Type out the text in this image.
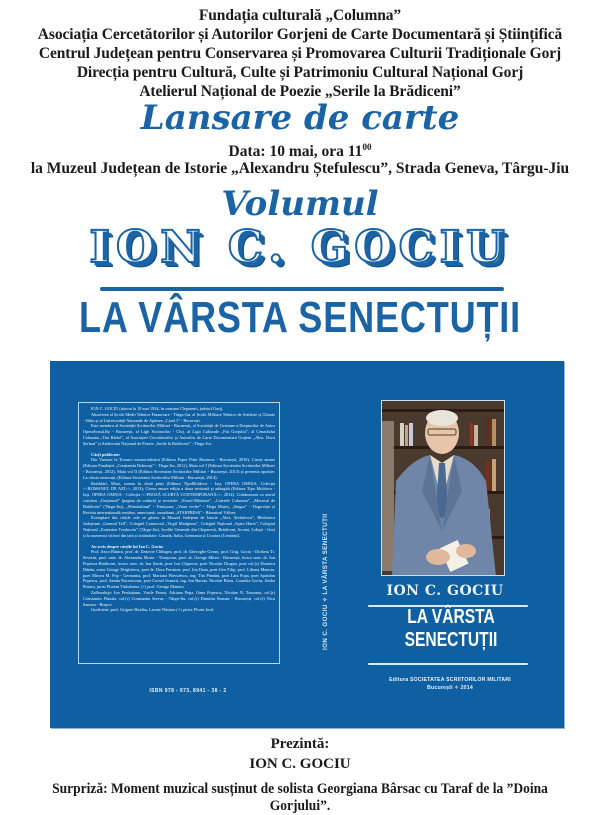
Fundația culturală „Columna”
Asociația Cercetătorilor și Autorilor Gorjeni de Carte Documentară și Științifică
Centrul Județean pentru Conservarea și Promovarea Culturii Tradiționale Gorj
Direcția pentru Cultură, Culte și Patrimoniu Cultural Național Gorj
Atelierul Național de Poezie „Serile la Brădiceni”
Lansare de carte
Data: 10 mai, ora $11^{00}$
la Muzeul Județean de Istorie „Alexandru Ștefulescu”, Strada Geneva, Târgu-Jiu
Volumul
ION C. GOCIU
LA VÂRSTA SENECTUȚII

ION C. GOCIU (născut la 10 mai 1934, în comuna Cleparenii, județul Gorj).

Absolvent al Școlii Medii Tehnice Financiare - Târgu-Jiu, al Școlii Militare Tehnice de Artilerie și Chimie - Sibiu și al Universității Naționale de Apărare „Carol I” - București.

Este membru al Societății Scriitorilor Militari - București, al Societății de Gestiune a Drepturilor de Autor OperaScrisă.Ro - București, al Ligii Scriitorilor - Cluj, al Ligii Culturale „Fiii Gorjului”, al Cenaclului Columna „Tita Rădoi”, al Asociației Cercetătorilor și Autorilor de Carte Documentară Gorjeni „Alex. Doru Șerban” și Atelierului Național de Poezie „Serile la Brădiceni” - Târgu-Jiu.

Cărți publicate:

Din Viziune la Toronto memorialistică (Editura Paper Print Business - București, 2010), Cireșe amare (Editura Fundației „Constantin Brâncuși” - Târgu-Jiu, 2011), Maia vol I (Editura Societatea Scriitorilor Militari - București, 2012), Maia vol II (Editura Societatea Scriitorilor Militari - București, 2013) și prezenta apariție: La vârsta senecuții, (Editura Societatea Scriitorilor Militari - București, 2014).

Reeditări: Maia, roman în două părți (Editura TipoMoldova - Iași, OPERA OMNIA, Colecția <<ROMANUL DE AZI>>, 2013); Cireșe amare ediția a doua revăzută și adăugită (Editura Tipo Moldova - Iași, OPERA OMNIA - Colecția <<PROZĂ SCURTĂ CONTEMPORANĂ>>, 2014). Colaborează cu ziarul cotidian „Gorjeanul” (pagina de cultură) și revistele: „Portal-Măiastra”, „Caietele Columna”, „Mesacul de Brădiceni” (Târgu-Jiu), „Sfinxtialinul” - Timișoara, „Vatra veche” - Târgu Mureș, „Singur” - Târgoviște și Revista internațională româno, americană, canadiană „STARPRESS” - Râmnicul Vâlcea.

Exemplare din cărțile sale se găsesc la Muzeul Județean de Istorie „Alex. Ștefulescu”, Biblioteca Județeană „General Tell”, Colegiul Comercial „Virgil Madgearu”, Colegiul Național „Spiru Haret”, Colegiul Național „Ecaterina Teodoroiu” (Târgu-Jiu), Școlile Generale din Cleparenii, Brădiceni, Arcani, Leleşti - Gorj și la numeroși cititori din țară și străinătate: Canada, Italia, Germania și Ucraina (Cernăuți).

Au scris despre cărțile lui Ion C. Gociu:

Prof. Anca Bănică, prof. dr. Zenovie Cârlugea, prof. dr. Gheorghe Gorun, prof. Grig. Gociu - Drobeta Tr. Severin, prof. univ. dr. Alexandru Moise - Timișoara, prof. dr. George Mirea - București, lector univ. dr. Ion Popescu-Brădiceni, lector univ. dr. Ion Sarda, poet Ion Cliprocia, poet Nicolae Drugea, poet col.(r) Dumitru Dănău, autor George Drighiescu, poet dr. Dora Fernstea, prof. Ion Ilona, poet Geo Filip, prof. Liliana Manoiu, poet Mircea M. Pop - Germania, prof. Mariana Pârvulescu, ing. Tita Pământ, poet Lars Popa, poet Spiridon Popescu, prof. Sandu Racovicean, poet Cornel Somică, ing. Ion Bureța, Nicolae Blaru, Cornelia Gociu, Andra Rotaru, jurist Florian Văduleanu. (+) prof. George Manoiu

Zalhoralejo: Ion Preduțianu, Vasile Ponea, Adriana Pepa, Oana Popescu, Nicolae N. Tomoniu, col.(r) Constantin Pătoala, col.(r) Constantin Sereuș - Târgu-Jiu, col.(r) Dumitru Roman - București, col.(r) Nicu Samara - Brașov.

Graficieni: prof. Grigore Haidău, Leonte Năstase (+) pictor Florin Iosif.

ISBN 978 - 973, 8941 - 38 - 2
ION C. GOCIU ✧ LA VÂRSTA SENECTUȚII	ION C. GOCIU
LA VÂRSTA SENECTUȚII
Editura SOCIETATEA SCRIITORILOR MILITARI
București ✧ 2014
Prezintă:
ION C. GOCIU
Surpriză: Moment muzical susținut de solista Georgiana Bârsac cu Taraf de la ”Doina Gorjului”.
